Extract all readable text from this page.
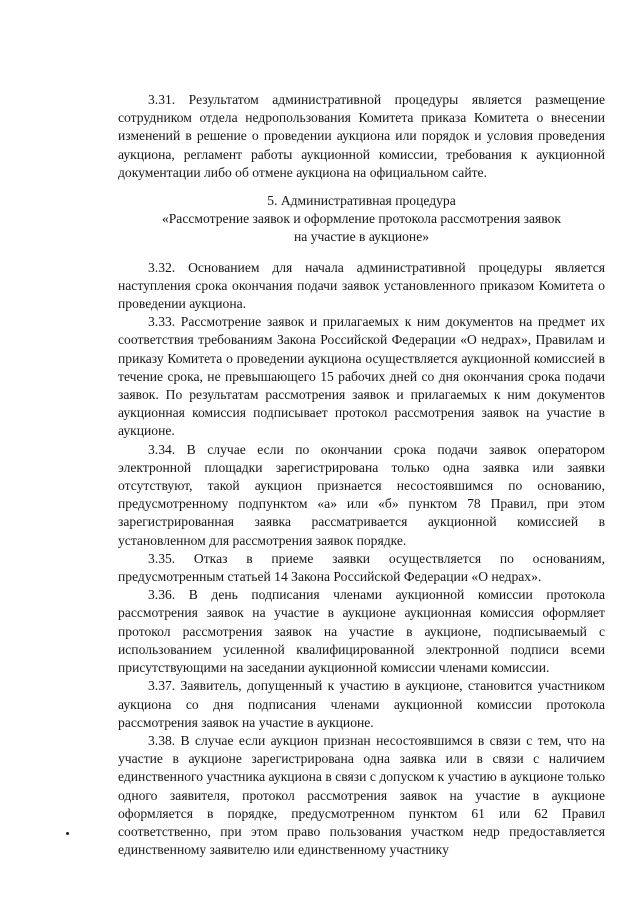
3.31. Результатом административной процедуры является размещение сотрудником отдела недропользования Комитета приказа Комитета о внесении изменений в решение о проведении аукциона или порядок и условия проведения аукциона, регламент работы аукционной комиссии, требования к аукционной документации либо об отмене аукциона на официальном сайте.

5. Административная процедура
«Рассмотрение заявок и оформление протокола рассмотрения заявок
на участие в аукционе»

3.32. Основанием для начала административной процедуры является наступления срока окончания подачи заявок установленного приказом Комитета о проведении аукциона.

3.33. Рассмотрение заявок и прилагаемых к ним документов на предмет их соответствия требованиям Закона Российской Федерации «О недрах», Правилам и приказу Комитета о проведении аукциона осуществляется аукционной комиссией в течение срока, не превышающего 15 рабочих дней со дня окончания срока подачи заявок. По результатам рассмотрения заявок и прилагаемых к ним документов аукционная комиссия подписывает протокол рассмотрения заявок на участие в аукционе.

3.34. В случае если по окончании срока подачи заявок оператором электронной площадки зарегистрирована только одна заявка или заявки отсутствуют, такой аукцион признается несостоявшимся по основанию, предусмотренному подпунктом «а» или «б» пунктом 78 Правил, при этом зарегистрированная заявка рассматривается аукционной комиссией в установленном для рассмотрения заявок порядке.

3.35. Отказ в приеме заявки осуществляется по основаниям, предусмотренным статьей 14 Закона Российской Федерации «О недрах».

3.36. В день подписания членами аукционной комиссии протокола рассмотрения заявок на участие в аукционе аукционная комиссия оформляет протокол рассмотрения заявок на участие в аукционе, подписываемый с использованием усиленной квалифицированной электронной подписи всеми присутствующими на заседании аукционной комиссии членами комиссии.

3.37. Заявитель, допущенный к участию в аукционе, становится участником аукциона со дня подписания членами аукционной комиссии протокола рассмотрения заявок на участие в аукционе.

3.38. В случае если аукцион признан несостоявшимся в связи с тем, что на участие в аукционе зарегистрирована одна заявка или в связи с наличием единственного участника аукциона в связи с допуском к участию в аукционе только одного заявителя, протокол рассмотрения заявок на участие в аукционе оформляется в порядке, предусмотренном пунктом 61 или 62 Правил соответственно, при этом право пользования участком недр предоставляется единственному заявителю или единственному участнику
